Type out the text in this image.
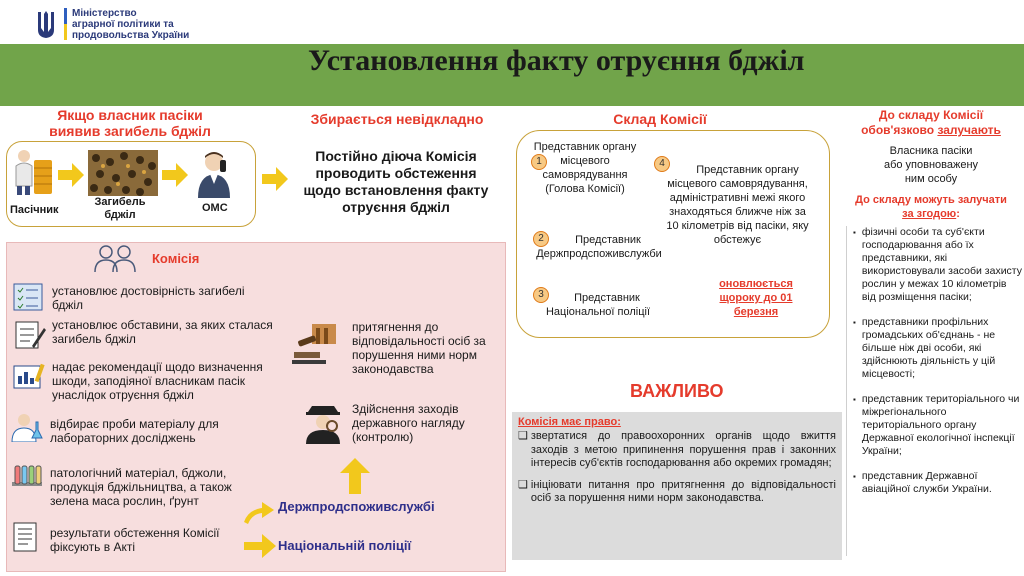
Міністерство
аграрної політики та
продовольства України
Установлення факту отруєння бджіл
Якщо власник пасіки
виявив загибель бджіл
Пасічник
Загибель
бджіл
ОМС
Збирається невідкладно
Постійно діюча Комісія
проводить обстеження
щодо встановлення факту
отруєння бджіл
Склад Комісії
Представник органу
місцевого
самоврядування
(Голова Комісії)
1	4
Представник органу
місцевого самоврядування,
адміністративні межі якого
знаходяться ближче ніж за
10 кілометрів від пасіки, яку
обстежує
2	Представник
Держпродспоживслужби
3	Представник
Національної поліції
оновлюється
щороку до 01
березня
До складу Комісії
обов'язково залучають
Власника пасіки
або уповноважену
ним особу
До складу можуть залучати
за згодою:
▪ фізичні особи та суб'єкти господарювання або їх представники, які використовували засоби захисту рослин у межах 10 кілометрів від розміщення пасіки;
▪ представники профільних громадських об'єднань - не більше ніж дві особи, які здійснюють діяльність у цій місцевості;
▪ представник територіального чи міжрегіонального територіального органу Державної екологічної інспекції України;
▪ представник Державної авіаційної служби України.
Комісія
установлює достовірність загибелі бджіл
установлює обставини, за яких сталася загибель бджіл
надає рекомендації щодо визначення шкоди, заподіяної власникам пасік унаслідок отруєння бджіл
відбирає проби матеріалу для лабораторних досліджень
патологічний матеріал, бджоли, продукція бджільництва, а також зелена маса рослин, ґрунт
результати обстеження Комісії фіксують в Акті
притягнення до відповідальності осіб за порушення ними норм законодавства
Здійснення заходів державного нагляду (контролю)
Держпродспоживслужбі
Національній поліції
ВАЖЛИВО
Комісія має право:
❑ звертатися до правоохоронних органів щодо вжиття заходів з метою припинення порушення прав і законних інтересів суб'єктів господарювання або окремих громадян;
❑ ініціювати питання про притягнення до відповідальності осіб за порушення ними норм законодавства.
